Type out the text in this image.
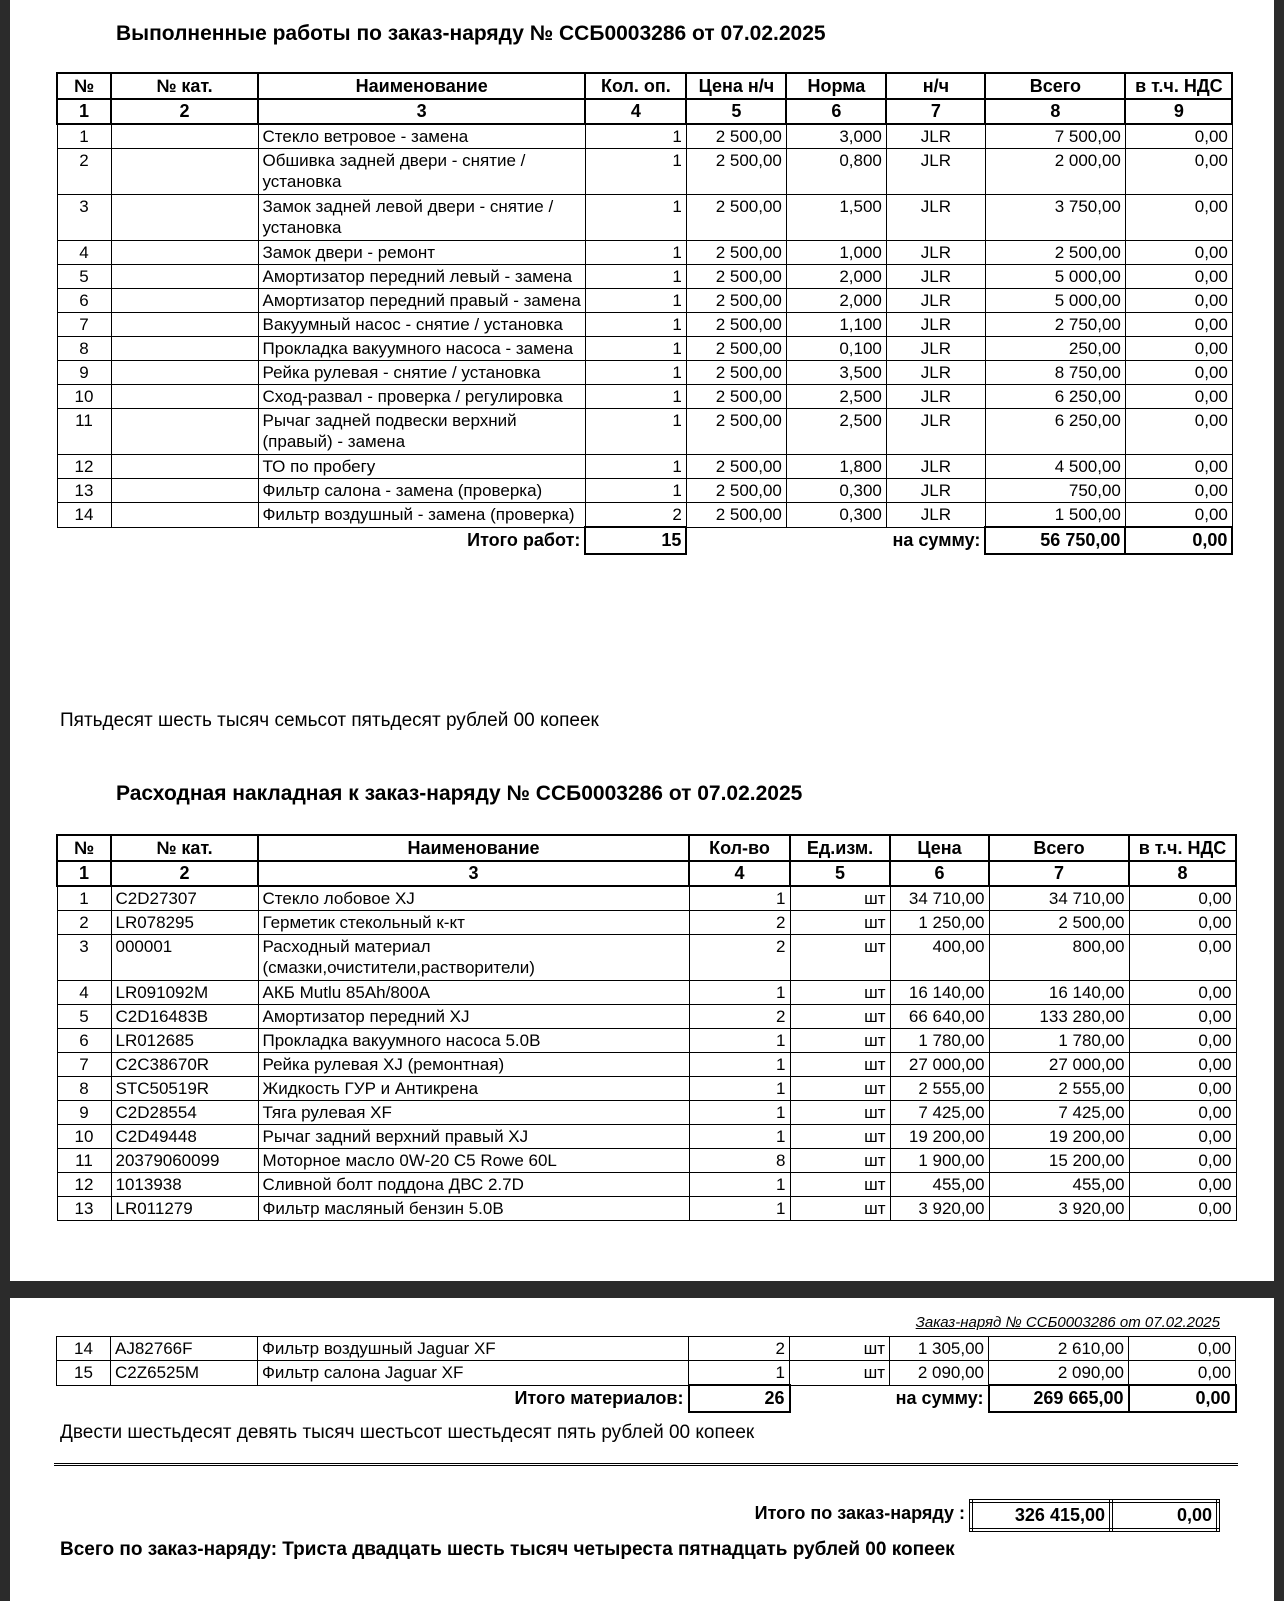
Выполненные работы по заказ-наряду № ССБ0003286 от 07.02.2025
№	№ кат.	Наименование	Кол. оп.	Цена н/ч	Норма	н/ч	Всего	в т.ч. НДС
1	2	3	4	5	6	7	8	9
1		Стекло ветровое - замена	1	2 500,00	3,000	JLR	7 500,00	0,00
2		Обшивка задней двери - снятие / установка	1	2 500,00	0,800	JLR	2 000,00	0,00
3		Замок задней левой двери - снятие / установка	1	2 500,00	1,500	JLR	3 750,00	0,00
4		Замок двери - ремонт	1	2 500,00	1,000	JLR	2 500,00	0,00
5		Амортизатор передний левый - замена	1	2 500,00	2,000	JLR	5 000,00	0,00
6		Амортизатор передний правый - замена	1	2 500,00	2,000	JLR	5 000,00	0,00
7		Вакуумный насос - снятие / установка	1	2 500,00	1,100	JLR	2 750,00	0,00
8		Прокладка вакуумного насоса - замена	1	2 500,00	0,100	JLR	250,00	0,00
9		Рейка рулевая - снятие / установка	1	2 500,00	3,500	JLR	8 750,00	0,00
10		Сход-развал - проверка / регулировка	1	2 500,00	2,500	JLR	6 250,00	0,00
11		Рычаг задней подвески верхний (правый) - замена	1	2 500,00	2,500	JLR	6 250,00	0,00
12		ТО по пробегу	1	2 500,00	1,800	JLR	4 500,00	0,00
13		Фильтр салона - замена (проверка)	1	2 500,00	0,300	JLR	750,00	0,00
14		Фильтр воздушный - замена (проверка)	2	2 500,00	0,300	JLR	1 500,00	0,00
		Итого работ:	15		на сумму:		56 750,00	0,00
Пятьдесят шесть тысяч семьсот пятьдесят рублей 00 копеек
Расходная накладная к заказ-наряду № ССБ0003286 от 07.02.2025
№	№ кат.	Наименование	Кол-во	Ед.изм.	Цена	Всего	в т.ч. НДС
1	2	3	4	5	6	7	8
1	C2D27307	Стекло лобовое XJ	1	шт	34 710,00	34 710,00	0,00
2	LR078295	Герметик стекольный к-кт	2	шт	1 250,00	2 500,00	0,00
3	000001	Расходный материал (смазки,очистители,растворители)	2	шт	400,00	800,00	0,00
4	LR091092M	АКБ Mutlu 85Ah/800A	1	шт	16 140,00	16 140,00	0,00
5	C2D16483B	Амортизатор передний XJ	2	шт	66 640,00	133 280,00	0,00
6	LR012685	Прокладка вакуумного насоса 5.0B	1	шт	1 780,00	1 780,00	0,00
7	C2C38670R	Рейка рулевая XJ (ремонтная)	1	шт	27 000,00	27 000,00	0,00
8	STC50519R	Жидкость ГУР и Антикрена	1	шт	2 555,00	2 555,00	0,00
9	C2D28554	Тяга рулевая XF	1	шт	7 425,00	7 425,00	0,00
10	C2D49448	Рычаг задний верхний правый XJ	1	шт	19 200,00	19 200,00	0,00
11	20379060099	Моторное масло 0W-20 C5 Rowe 60L	8	шт	1 900,00	15 200,00	0,00
12	1013938	Сливной болт поддона ДВС 2.7D	1	шт	455,00	455,00	0,00
13	LR011279	Фильтр масляный бензин 5.0B	1	шт	3 920,00	3 920,00	0,00
Заказ-наряд № ССБ0003286 от 07.02.2025
14	AJ82766F	Фильтр воздушный Jaguar XF	2	шт	1 305,00	2 610,00	0,00
15	C2Z6525M	Фильтр салона Jaguar XF	1	шт	2 090,00	2 090,00	0,00
		Итого материалов:	26	на сумму:		269 665,00	0,00
Двести шестьдесят девять тысяч шестьсот шестьдесят пять рублей 00 копеек
Итого по заказ-наряду :	326 415,00	0,00
Всего по заказ-наряду: Триста двадцать шесть тысяч четыреста пятнадцать рублей 00 копеек
